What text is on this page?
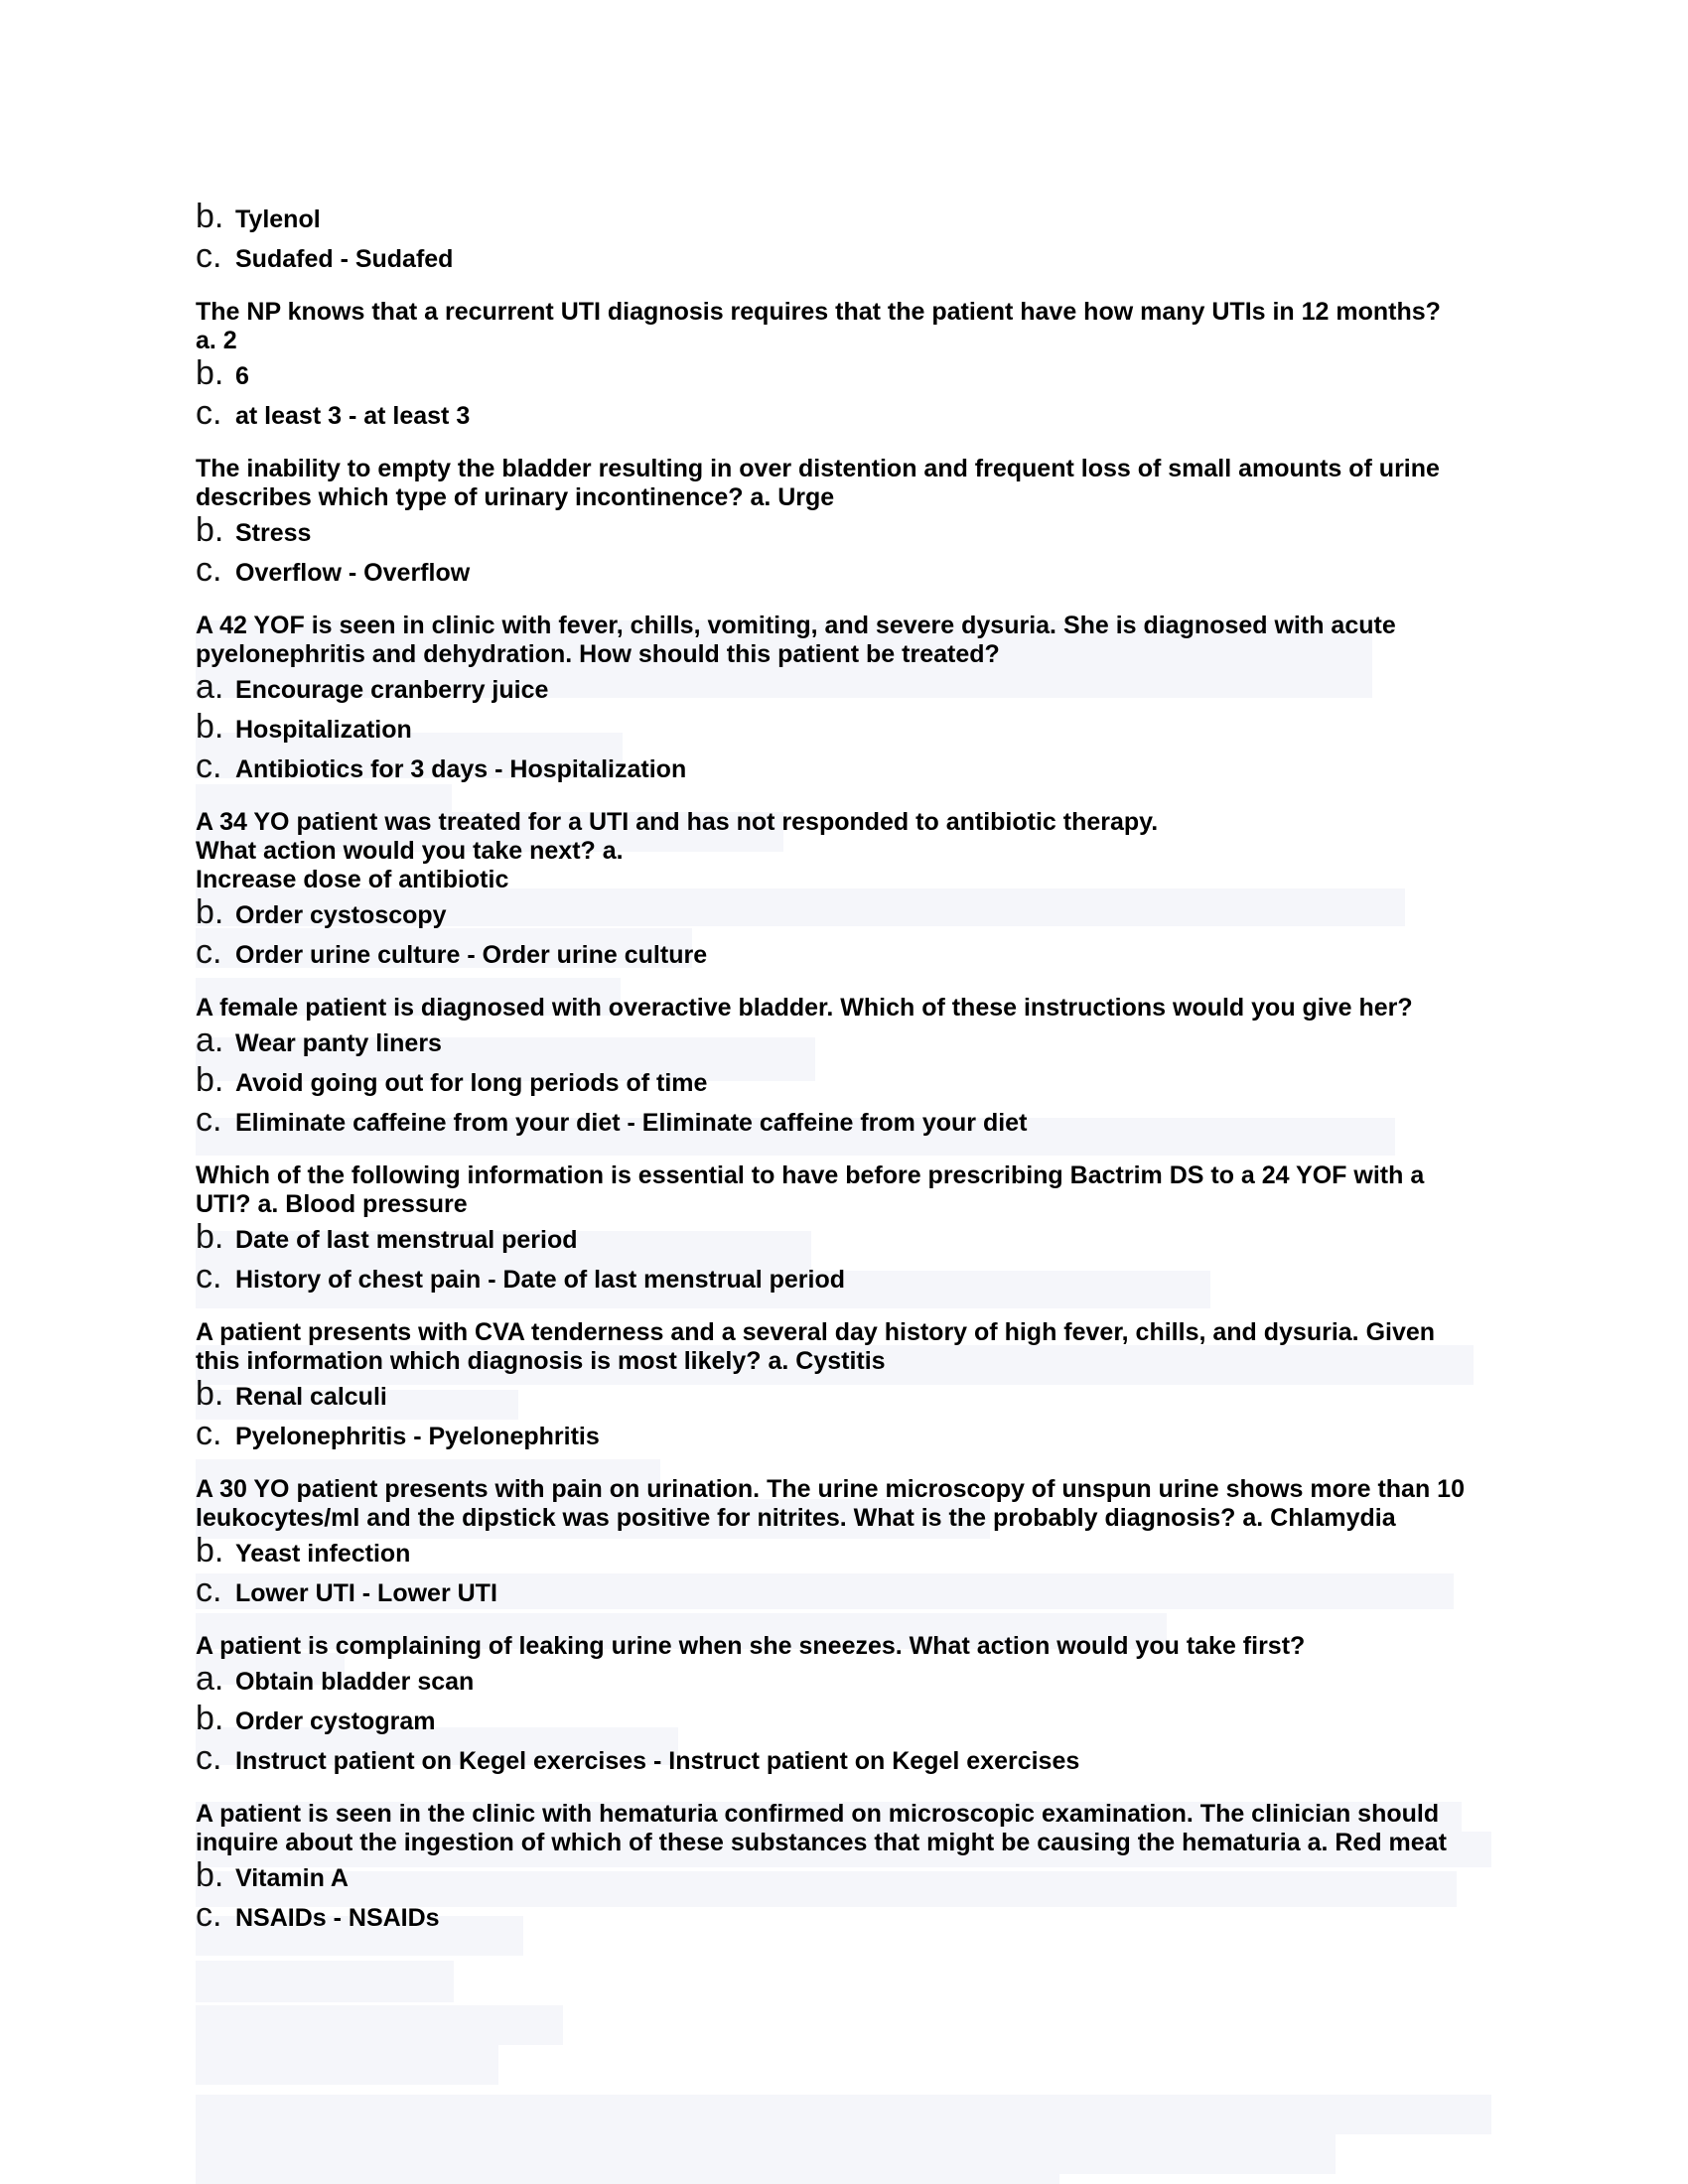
b. Tylenol
c. Sudafed - Sudafed

The NP knows that a recurrent UTI diagnosis requires that the patient have how many UTIs in 12 months?
a. 2

b. 6
c. at least 3 - at least 3

The inability to empty the bladder resulting in over distention and frequent loss of small amounts of urine
describes which type of urinary incontinence? a. Urge

b. Stress
c. Overflow - Overflow

A 42 YOF is seen in clinic with fever, chills, vomiting, and severe dysuria. She is diagnosed with acute
pyelonephritis and dehydration. How should this patient be treated?

a. Encourage cranberry juice
b. Hospitalization
c. Antibiotics for 3 days - Hospitalization

A 34 YO patient was treated for a UTI and has not responded to antibiotic therapy.
What action would you take next? a.
Increase dose of antibiotic

b. Order cystoscopy
c. Order urine culture - Order urine culture

A female patient is diagnosed with overactive bladder. Which of these instructions would you give her?

a. Wear panty liners
b. Avoid going out for long periods of time
c. Eliminate caffeine from your diet - Eliminate caffeine from your diet

Which of the following information is essential to have before prescribing Bactrim DS to a 24 YOF with a
UTI? a. Blood pressure

b. Date of last menstrual period
c. History of chest pain - Date of last menstrual period

A patient presents with CVA tenderness and a several day history of high fever, chills, and dysuria. Given
this information which diagnosis is most likely? a. Cystitis

b. Renal calculi
c. Pyelonephritis - Pyelonephritis

A 30 YO patient presents with pain on urination. The urine microscopy of unspun urine shows more than 10
leukocytes/ml and the dipstick was positive for nitrites. What is the probably diagnosis? a. Chlamydia

b. Yeast infection
c. Lower UTI - Lower UTI

A patient is complaining of leaking urine when she sneezes. What action would you take first?

a. Obtain bladder scan
b. Order cystogram
c. Instruct patient on Kegel exercises - Instruct patient on Kegel exercises

A patient is seen in the clinic with hematuria confirmed on microscopic examination. The clinician should
inquire about the ingestion of which of these substances that might be causing the hematuria a. Red meat

b. Vitamin A
c. NSAIDs - NSAIDs
